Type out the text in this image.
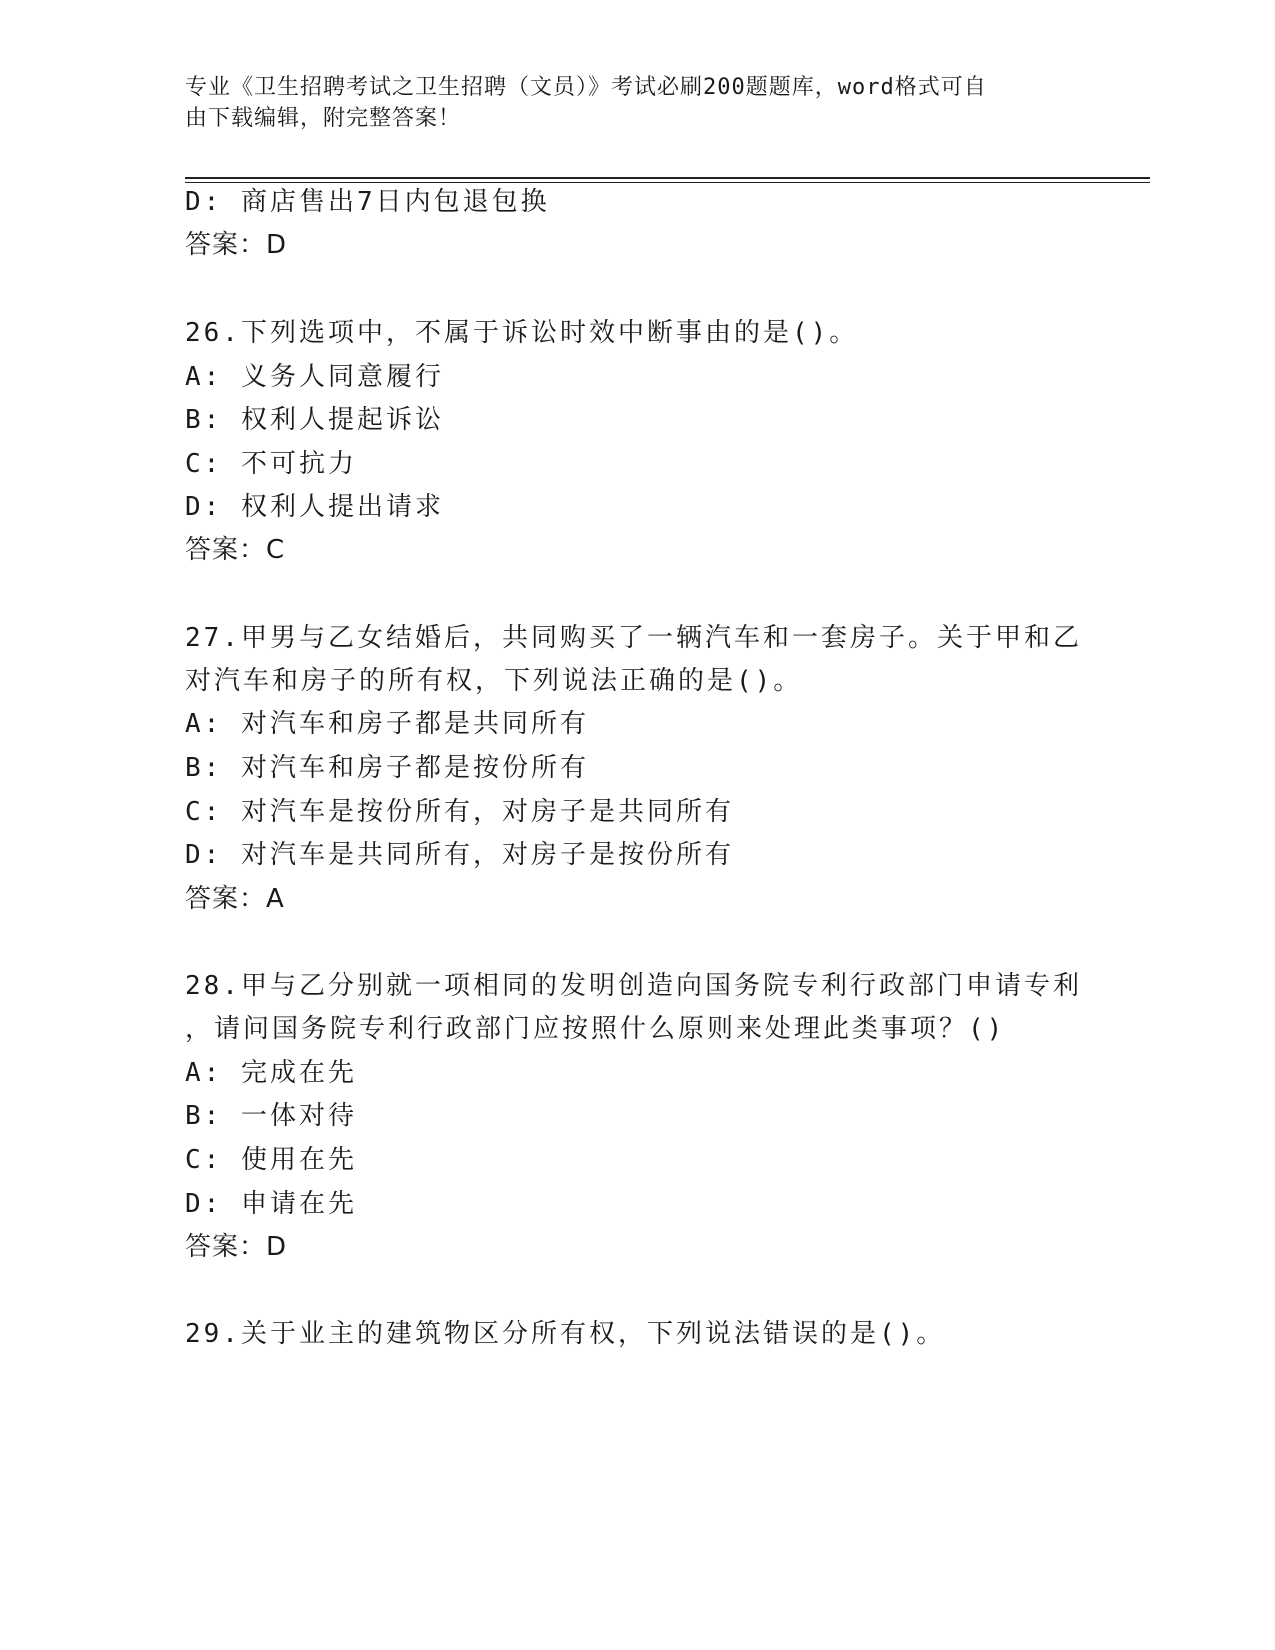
专业《卫生招聘考试之卫生招聘（文员）》考试必刷200题题库，word格式可自
由下载编辑，附完整答案！
D: 商店售出7日内包退包换
答案：D
26.下列选项中，不属于诉讼时效中断事由的是()。
A: 义务人同意履行
B: 权利人提起诉讼
C: 不可抗力
D: 权利人提出请求
答案：C
27.甲男与乙女结婚后，共同购买了一辆汽车和一套房子。关于甲和乙
对汽车和房子的所有权，下列说法正确的是()。
A: 对汽车和房子都是共同所有
B: 对汽车和房子都是按份所有
C: 对汽车是按份所有，对房子是共同所有
D: 对汽车是共同所有，对房子是按份所有
答案：A
28.甲与乙分别就一项相同的发明创造向国务院专利行政部门申请专利
，请问国务院专利行政部门应按照什么原则来处理此类事项？()
A: 完成在先
B: 一体对待
C: 使用在先
D: 申请在先
答案：D
29.关于业主的建筑物区分所有权，下列说法错误的是()。
